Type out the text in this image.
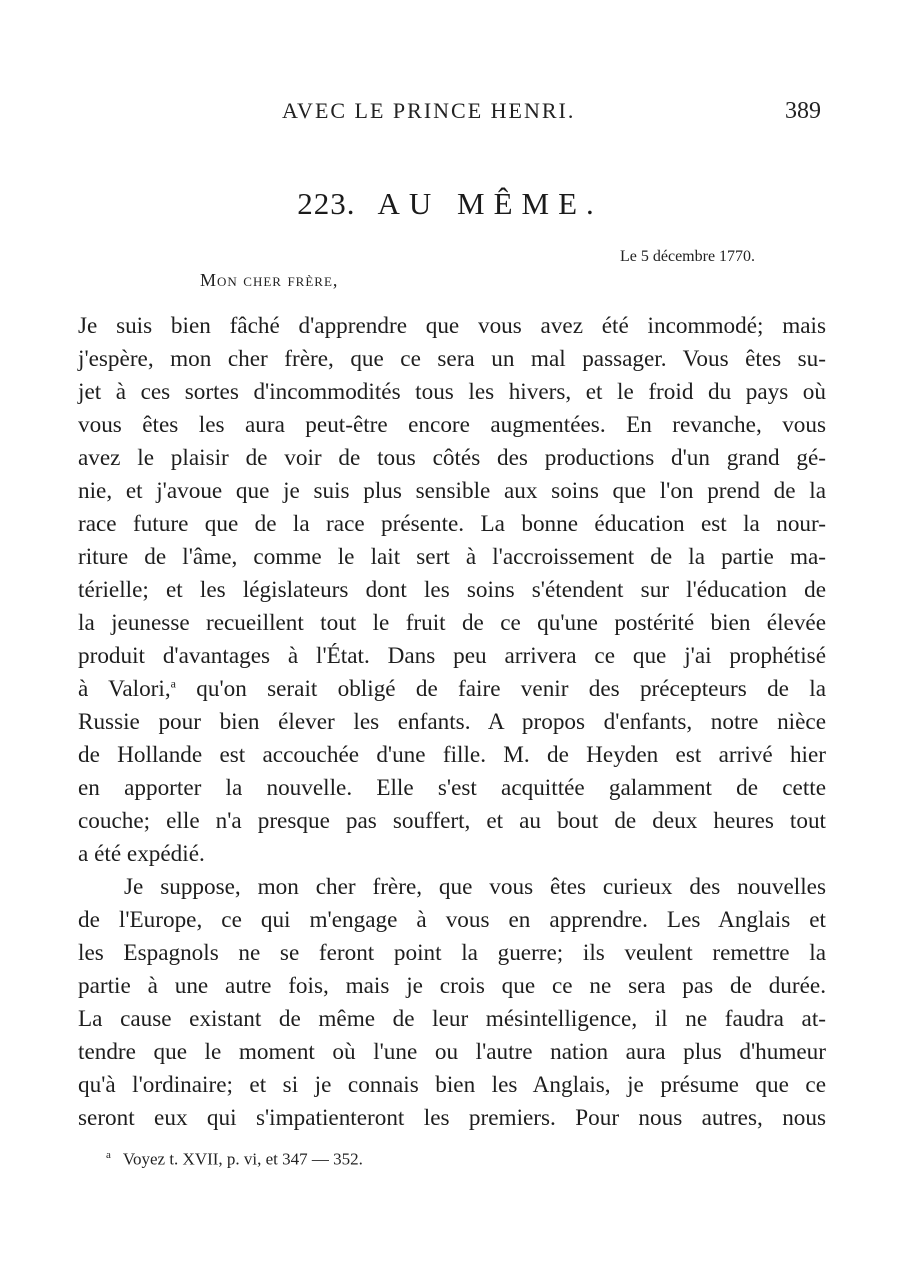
AVEC LE PRINCE HENRI.	389
223. AU MÊME.
Le 5 décembre 1770.
Mon cher frère,
Je suis bien fâché d'apprendre que vous avez été incommodé; mais
j'espère, mon cher frère, que ce sera un mal passager. Vous êtes su-
jet à ces sortes d'incommodités tous les hivers, et le froid du pays où
vous êtes les aura peut-être encore augmentées. En revanche, vous
avez le plaisir de voir de tous côtés des productions d'un grand gé-
nie, et j'avoue que je suis plus sensible aux soins que l'on prend de la
race future que de la race présente. La bonne éducation est la nour-
riture de l'âme, comme le lait sert à l'accroissement de la partie ma-
térielle; et les législateurs dont les soins s'étendent sur l'éducation de
la jeunesse recueillent tout le fruit de ce qu'une postérité bien élevée
produit d'avantages à l'État. Dans peu arrivera ce que j'ai prophétisé
à Valori,$^a$ qu'on serait obligé de faire venir des précepteurs de la
Russie pour bien élever les enfants. A propos d'enfants, notre nièce
de Hollande est accouchée d'une fille. M. de Heyden est arrivé hier
en apporter la nouvelle. Elle s'est acquittée galamment de cette
couche; elle n'a presque pas souffert, et au bout de deux heures tout
a été expédié.
Je suppose, mon cher frère, que vous êtes curieux des nouvelles
de l'Europe, ce qui m'engage à vous en apprendre. Les Anglais et
les Espagnols ne se feront point la guerre; ils veulent remettre la
partie à une autre fois, mais je crois que ce ne sera pas de durée.
La cause existant de même de leur mésintelligence, il ne faudra at-
tendre que le moment où l'une ou l'autre nation aura plus d'humeur
qu'à l'ordinaire; et si je connais bien les Anglais, je présume que ce
seront eux qui s'impatienteront les premiers. Pour nous autres, nous
$^a$ Voyez t. XVII, p. vi, et 347 — 352.
